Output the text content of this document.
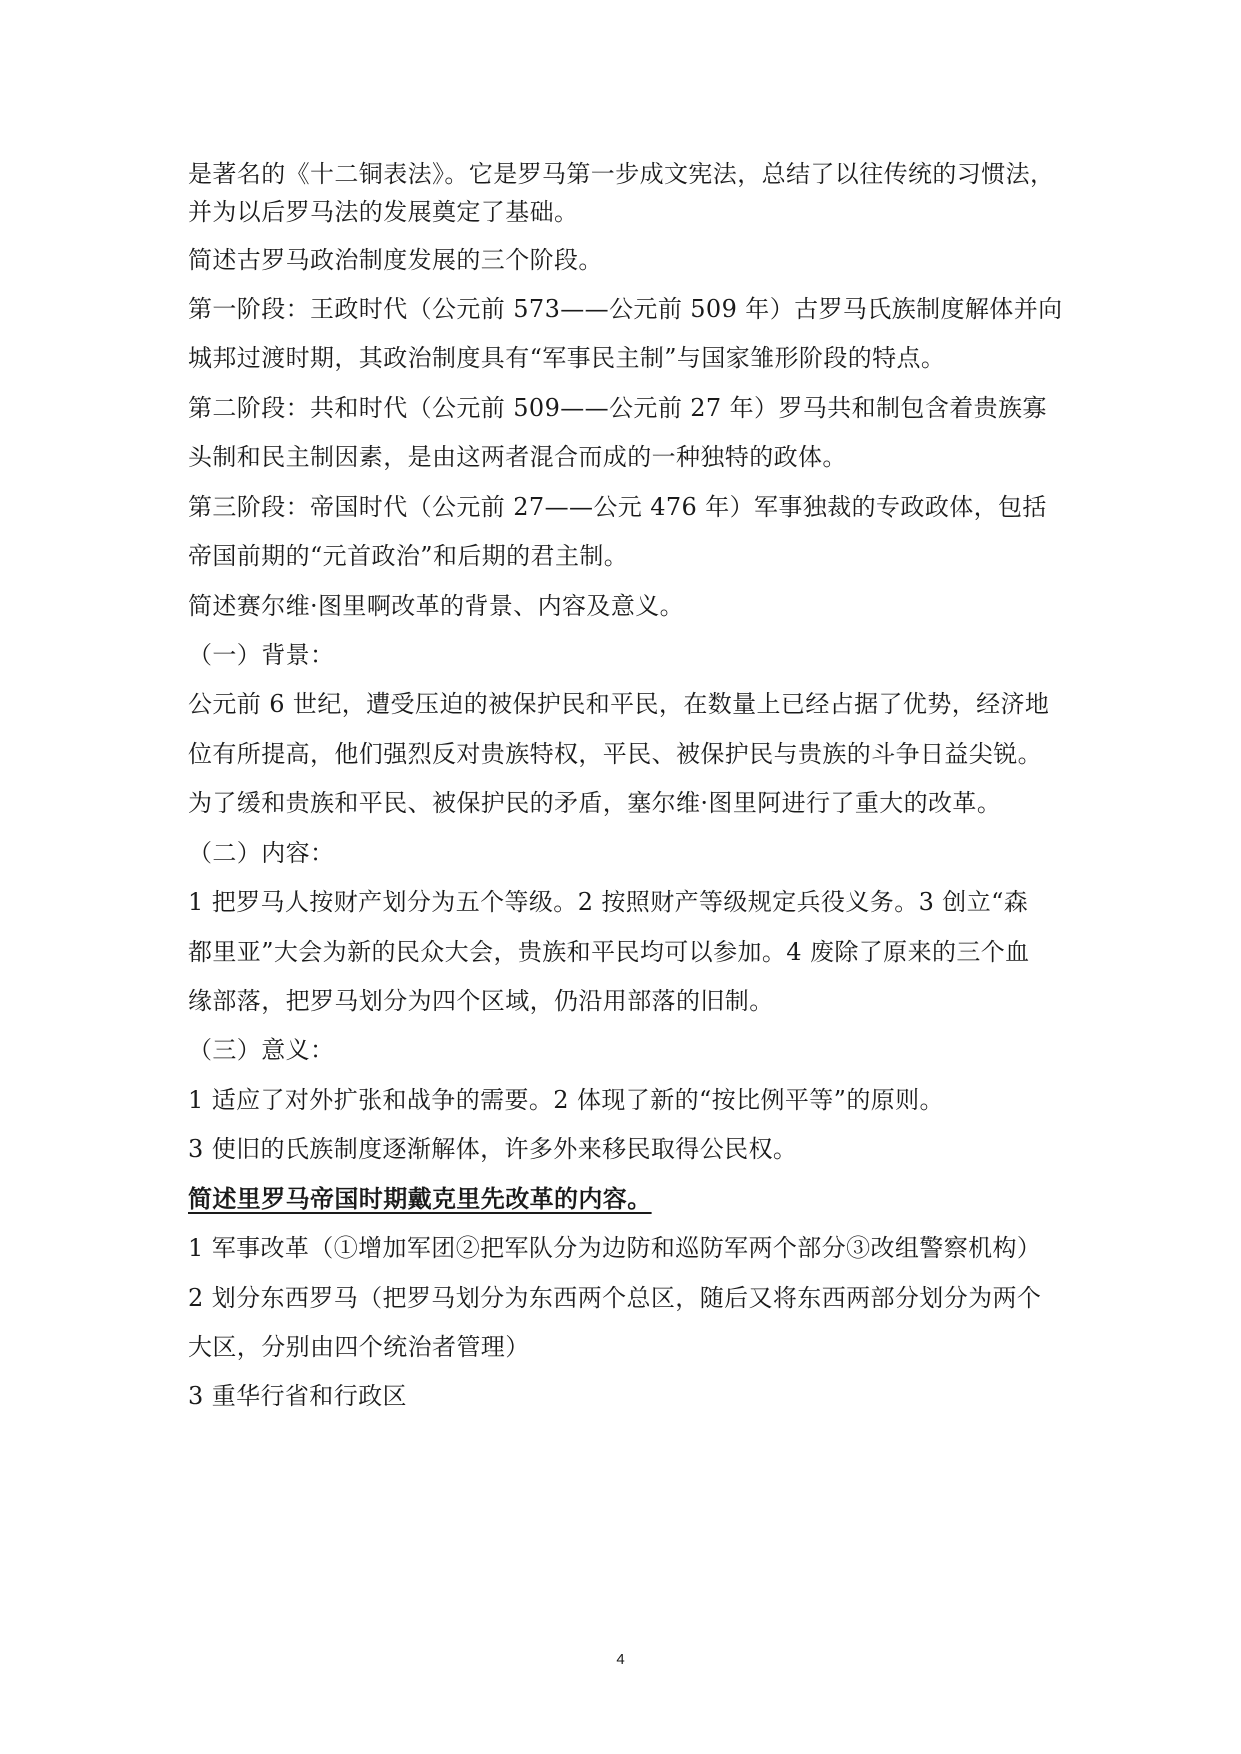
是著名的《十二铜表法》。它是罗马第一步成文宪法，总结了以往传统的习惯法，
并为以后罗马法的发展奠定了基础。
简述古罗马政治制度发展的三个阶段。
第一阶段：王政时代（公元前 573——公元前 509 年）古罗马氏族制度解体并向
城邦过渡时期，其政治制度具有“军事民主制”与国家雏形阶段的特点。
第二阶段：共和时代（公元前 509——公元前 27 年）罗马共和制包含着贵族寡
头制和民主制因素，是由这两者混合而成的一种独特的政体。
第三阶段：帝国时代（公元前 27——公元 476 年）军事独裁的专政政体，包括
帝国前期的“元首政治”和后期的君主制。
简述赛尔维·图里啊改革的背景、内容及意义。
（一）背景：
公元前 6 世纪，遭受压迫的被保护民和平民，在数量上已经占据了优势，经济地
位有所提高，他们强烈反对贵族特权，平民、被保护民与贵族的斗争日益尖锐。
为了缓和贵族和平民、被保护民的矛盾，塞尔维·图里阿进行了重大的改革。
（二）内容：
1 把罗马人按财产划分为五个等级。2 按照财产等级规定兵役义务。3 创立“森
都里亚”大会为新的民众大会，贵族和平民均可以参加。4 废除了原来的三个血
缘部落，把罗马划分为四个区域，仍沿用部落的旧制。
（三）意义：
1 适应了对外扩张和战争的需要。2 体现了新的“按比例平等”的原则。
3 使旧的氏族制度逐渐解体，许多外来移民取得公民权。
简述里罗马帝国时期戴克里先改革的内容。
1 军事改革（①增加军团②把军队分为边防和巡防军两个部分③改组警察机构）
2 划分东西罗马（把罗马划分为东西两个总区，随后又将东西两部分划分为两个
大区，分别由四个统治者管理）
3 重华行省和行政区
4
